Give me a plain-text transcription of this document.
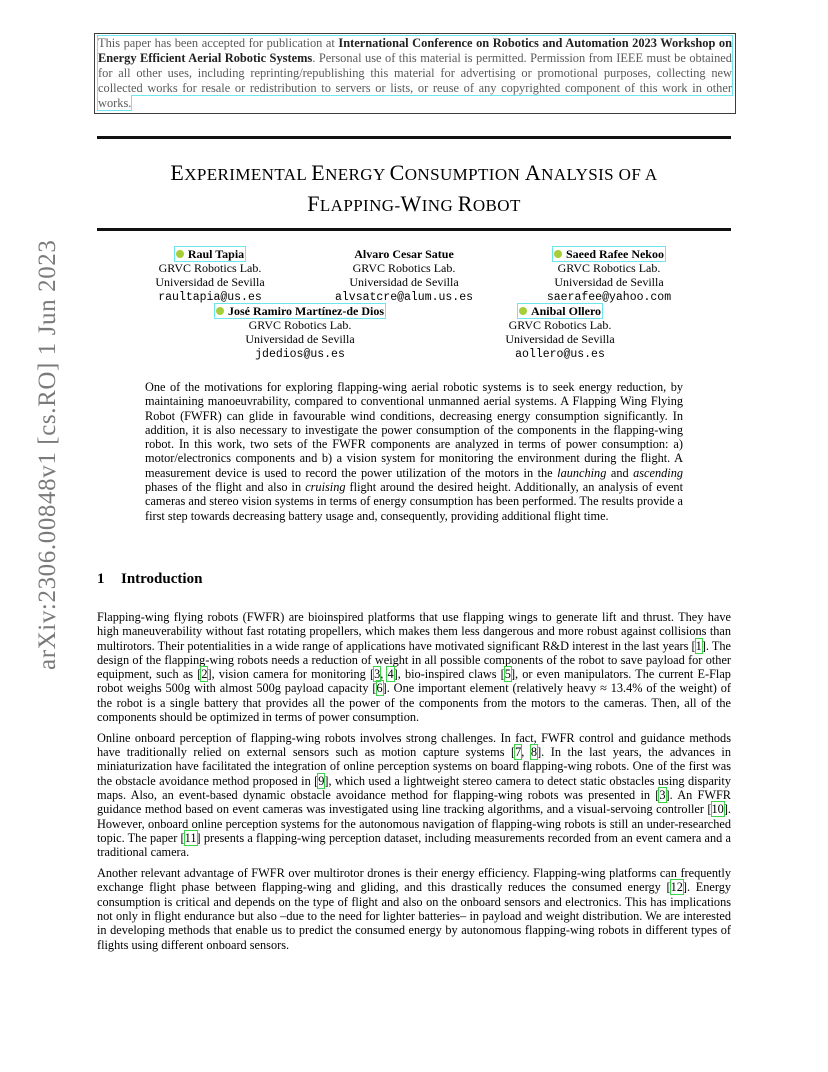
arXiv:2306.00848v1 [cs.RO] 1 Jun 2023
This paper has been accepted for publication at International Conference on Robotics and Automation 2023 Workshop on Energy Efficient Aerial Robotic Systems. Personal use of this material is permitted. Permission from IEEE must be obtained for all other uses, including reprinting/republishing this material for advertising or promotional purposes, collecting new collected works for resale or redistribution to servers or lists, or reuse of any copyrighted component of this work in other works.
EXPERIMENTAL ENERGY CONSUMPTION ANALYSIS OF A
FLAPPING-WING ROBOT
Raul Tapia
GRVC Robotics Lab.
Universidad de Sevilla
raultapia@us.es
Alvaro Cesar Satue
GRVC Robotics Lab.
Universidad de Sevilla
alvsatcre@alum.us.es
Saeed Rafee Nekoo
GRVC Robotics Lab.
Universidad de Sevilla
saerafee@yahoo.com
José Ramiro Martínez-de Dios
GRVC Robotics Lab.
Universidad de Sevilla
jdedios@us.es
Anibal Ollero
GRVC Robotics Lab.
Universidad de Sevilla
aollero@us.es
One of the motivations for exploring flapping-wing aerial robotic systems is to seek energy reduction, by maintaining manoeuvrability, compared to conventional unmanned aerial systems. A Flapping Wing Flying Robot (FWFR) can glide in favourable wind conditions, decreasing energy consumption significantly. In addition, it is also necessary to investigate the power consumption of the components in the flapping-wing robot. In this work, two sets of the FWFR components are analyzed in terms of power consumption: a) motor/electronics components and b) a vision system for monitoring the environment during the flight. A measurement device is used to record the power utilization of the motors in the launching and ascending phases of the flight and also in cruising flight around the desired height. Additionally, an analysis of event cameras and stereo vision systems in terms of energy consumption has been performed. The results provide a first step towards decreasing battery usage and, consequently, providing additional flight time.
1 Introduction

Flapping-wing flying robots (FWFR) are bioinspired platforms that use flapping wings to generate lift and thrust. They have high maneuverability without fast rotating propellers, which makes them less dangerous and more robust against collisions than multirotors. Their potentialities in a wide range of applications have motivated significant R&D interest in the last years [1]. The design of the flapping-wing robots needs a reduction of weight in all possible components of the robot to save payload for other equipment, such as [2], vision camera for monitoring [3, 4], bio-inspired claws [5], or even manipulators. The current E-Flap robot weighs 500g with almost 500g payload capacity [6]. One important element (relatively heavy ≈ 13.4% of the weight) of the robot is a single battery that provides all the power of the components from the motors to the cameras. Then, all of the components should be optimized in terms of power consumption.

Online onboard perception of flapping-wing robots involves strong challenges. In fact, FWFR control and guidance methods have traditionally relied on external sensors such as motion capture systems [7, 8]. In the last years, the advances in miniaturization have facilitated the integration of online perception systems on board flapping-wing robots. One of the first was the obstacle avoidance method proposed in [9], which used a lightweight stereo camera to detect static obstacles using disparity maps. Also, an event-based dynamic obstacle avoidance method for flapping-wing robots was presented in [3]. An FWFR guidance method based on event cameras was investigated using line tracking algorithms, and a visual-servoing controller [10]. However, onboard online perception systems for the autonomous navigation of flapping-wing robots is still an under-researched topic. The paper [11] presents a flapping-wing perception dataset, including measurements recorded from an event camera and a traditional camera.

Another relevant advantage of FWFR over multirotor drones is their energy efficiency. Flapping-wing platforms can frequently exchange flight phase between flapping-wing and gliding, and this drastically reduces the consumed energy [12]. Energy consumption is critical and depends on the type of flight and also on the onboard sensors and electronics. This has implications not only in flight endurance but also –due to the need for lighter batteries– in payload and weight distribution. We are interested in developing methods that enable us to predict the consumed energy by autonomous flapping-wing robots in different types of flights using different onboard sensors.
